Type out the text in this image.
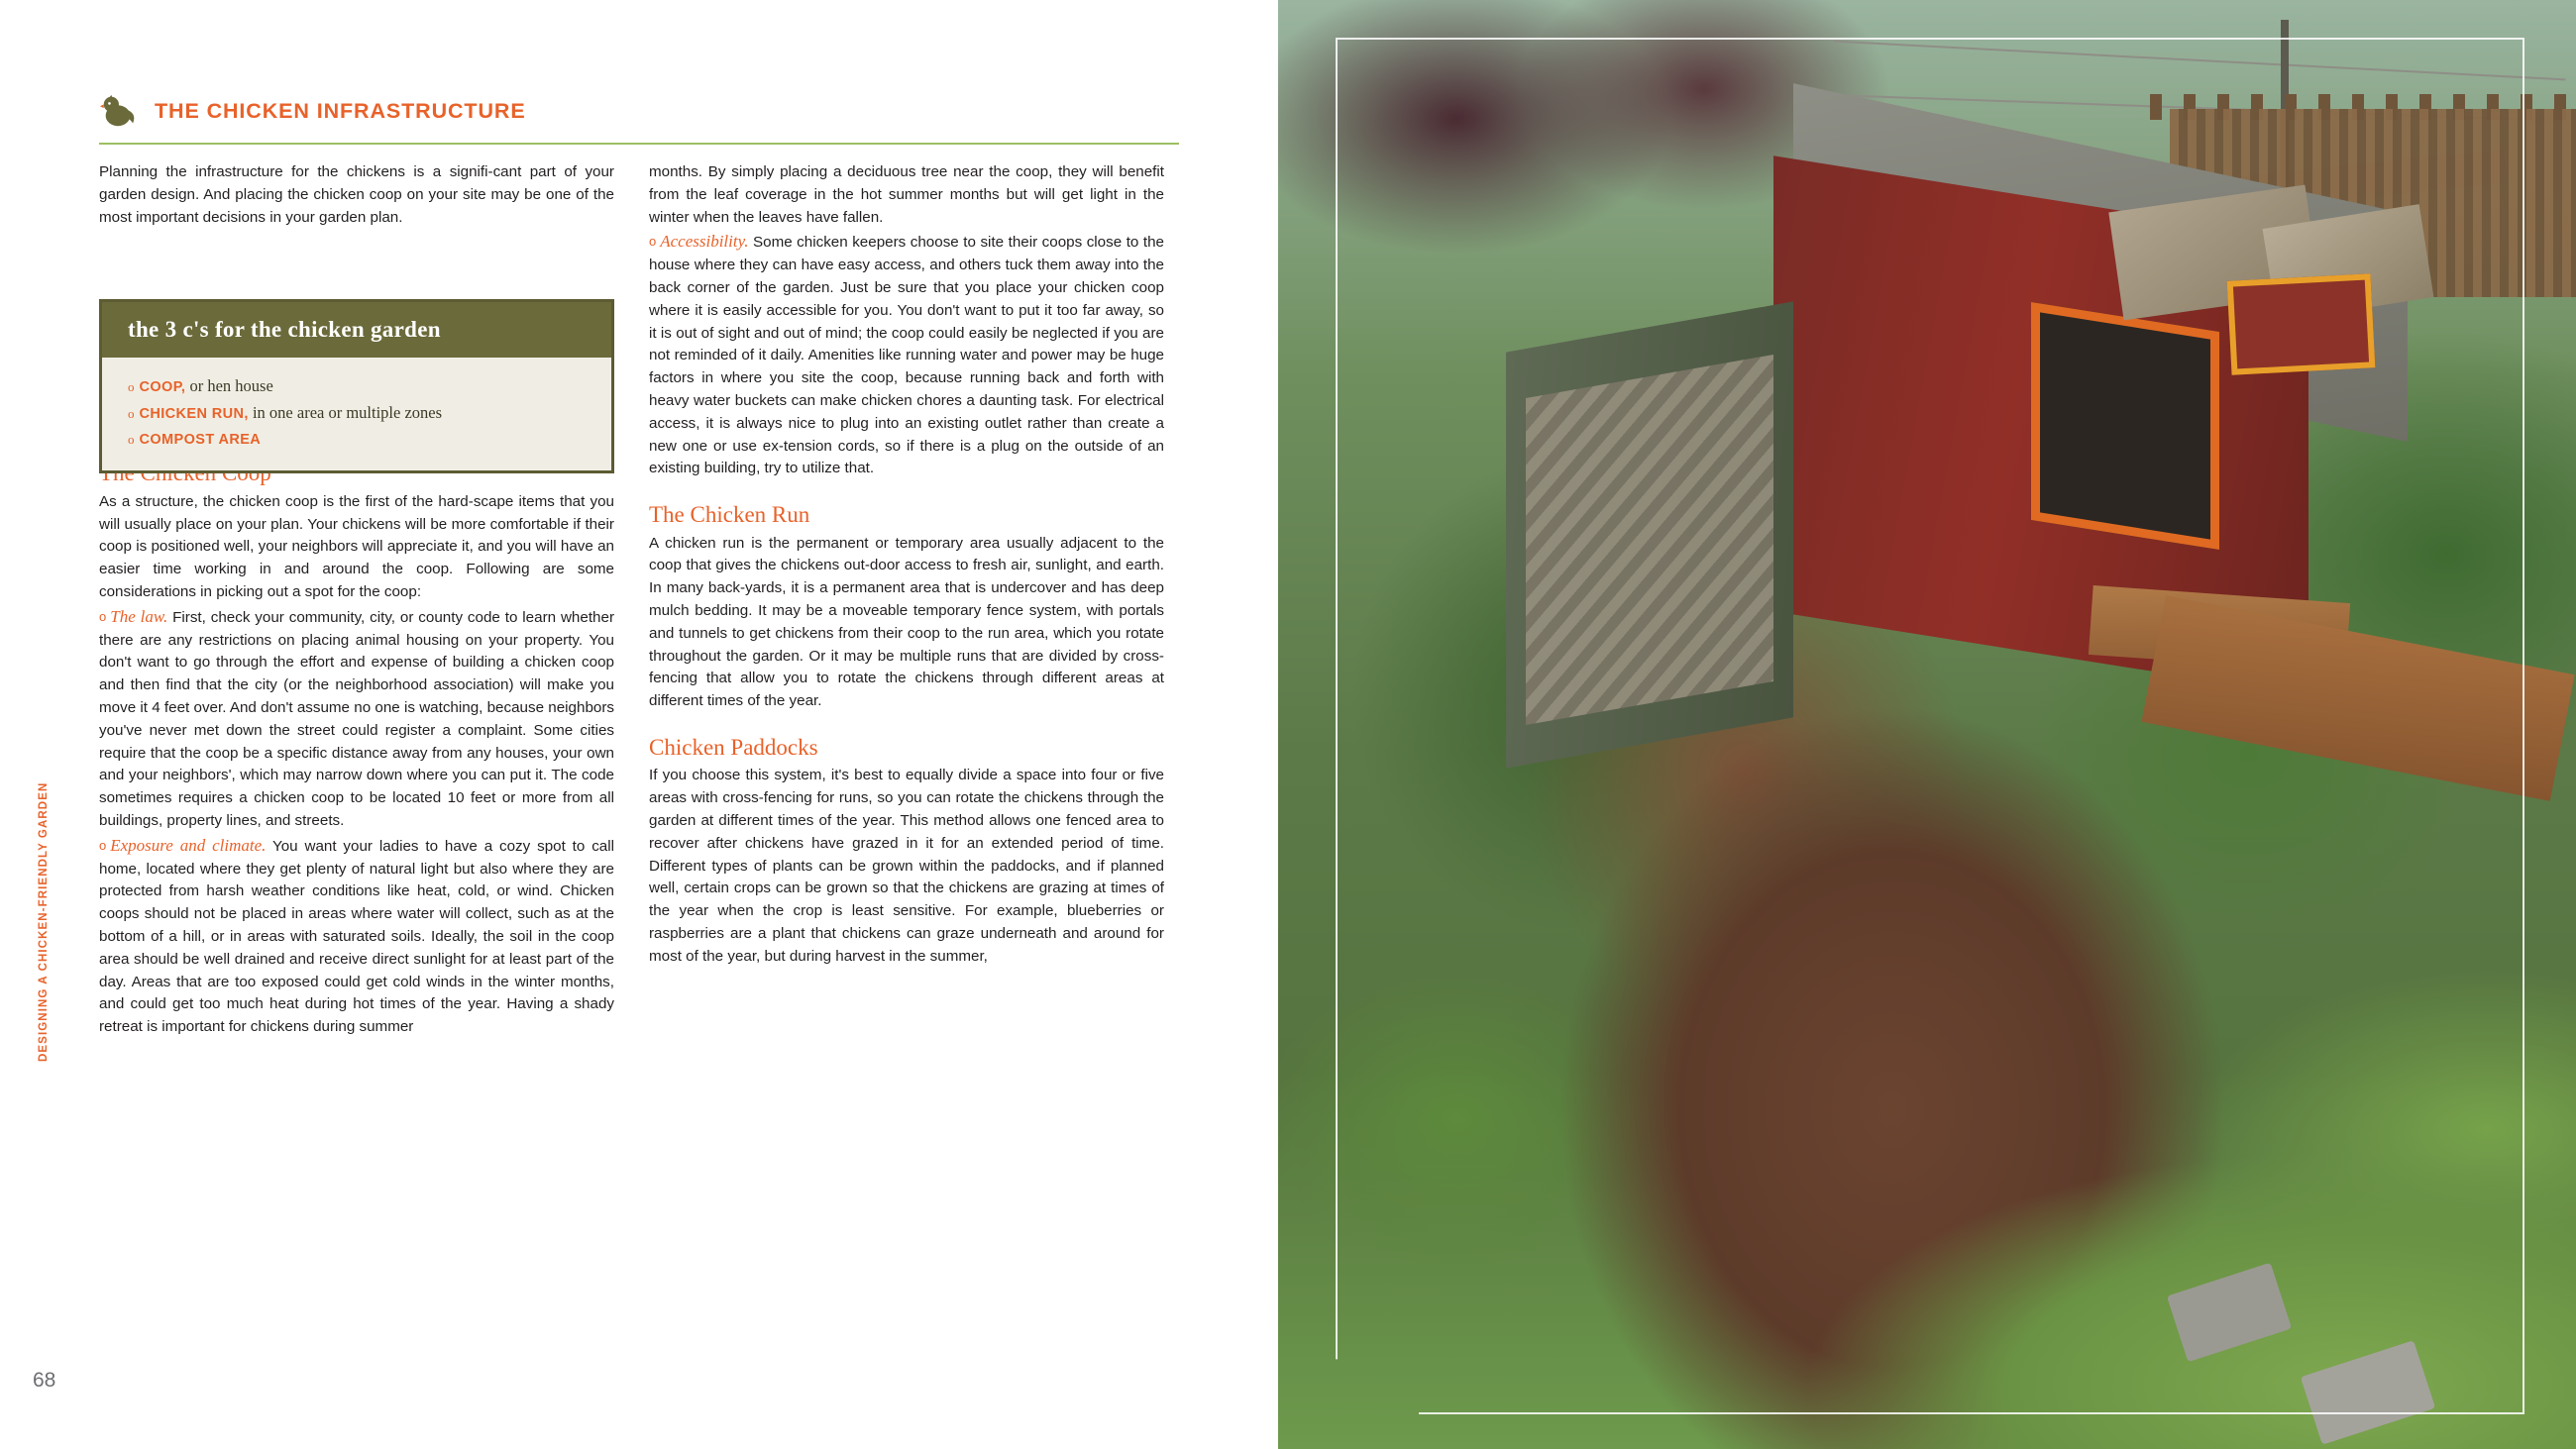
THE CHICKEN INFRASTRUCTURE

Planning the infrastructure for the chickens is a signifi-cant part of your garden design. And placing the chicken coop on your site may be one of the most important decisions in your garden plan.

As a structure, the chicken coop is the first of the hard-scape items that you will usually place on your plan. Your chickens will be more comfortable if their coop is positioned well, your neighbors will appreciate it, and you will have an easier time working in and around the coop. Following are some considerations in picking out a spot for the coop:

o The law. First, check your community, city, or county code to learn whether there are any restrictions on placing animal housing on your property. You don't want to go through the effort and expense of building a chicken coop and then find that the city (or the neighborhood association) will make you move it 4 feet over. And don't assume no one is watching, because neighbors you've never met down the street could register a complaint. Some cities require that the coop be a specific distance away from any houses, your own and your neighbors', which may narrow down where you can put it. The code sometimes requires a chicken coop to be located 10 feet or more from all buildings, property lines, and streets.

o Exposure and climate. You want your ladies to have a cozy spot to call home, located where they get plenty of natural light but also where they are protected from harsh weather conditions like heat, cold, or wind. Chicken coops should not be placed in areas where water will collect, such as at the bottom of a hill, or in areas with saturated soils. Ideally, the soil in the coop area should be well drained and receive direct sunlight for at least part of the day. Areas that are too exposed could get cold winds in the winter months, and could get too much heat during hot times of the year. Having a shady retreat is important for chickens during summer

the 3 c's for the chicken garden
o COOP, or hen house
o CHICKEN RUN, in one area or multiple zones
o COMPOST AREA

months. By simply placing a deciduous tree near the coop, they will benefit from the leaf coverage in the hot summer months but will get light in the winter when the leaves have fallen.

o Accessibility. Some chicken keepers choose to site their coops close to the house where they can have easy access, and others tuck them away into the back corner of the garden. Just be sure that you place your chicken coop where it is easily accessible for you. You don't want to put it too far away, so it is out of sight and out of mind; the coop could easily be neglected if you are not reminded of it daily. Amenities like running water and power may be huge factors in where you site the coop, because running back and forth with heavy water buckets can make chicken chores a daunting task. For electrical access, it is always nice to plug into an existing outlet rather than create a new one or use ex-tension cords, so if there is a plug on the outside of an existing building, try to utilize that.

The Chicken Run

A chicken run is the permanent or temporary area usually adjacent to the coop that gives the chickens out-door access to fresh air, sunlight, and earth. In many back-yards, it is a permanent area that is undercover and has deep mulch bedding. It may be a moveable temporary fence system, with portals and tunnels to get chickens from their coop to the run area, which you rotate throughout the garden. Or it may be multiple runs that are divided by cross-fencing that allow you to rotate the chickens through different areas at different times of the year.

Chicken Paddocks

If you choose this system, it's best to equally divide a space into four or five areas with cross-fencing for runs, so you can rotate the chickens through the garden at different times of the year. This method allows one fenced area to recover after chickens have grazed in it for an extended period of time. Different types of plants can be grown within the paddocks, and if planned well, certain crops can be grown so that the chickens are grazing at times of the year when the crop is least sensitive. For example, blueberries or raspberries are a plant that chickens can graze underneath and around for most of the year, but during harvest in the summer,

DESIGNING A CHICKEN-FRIENDLY GARDEN
68
